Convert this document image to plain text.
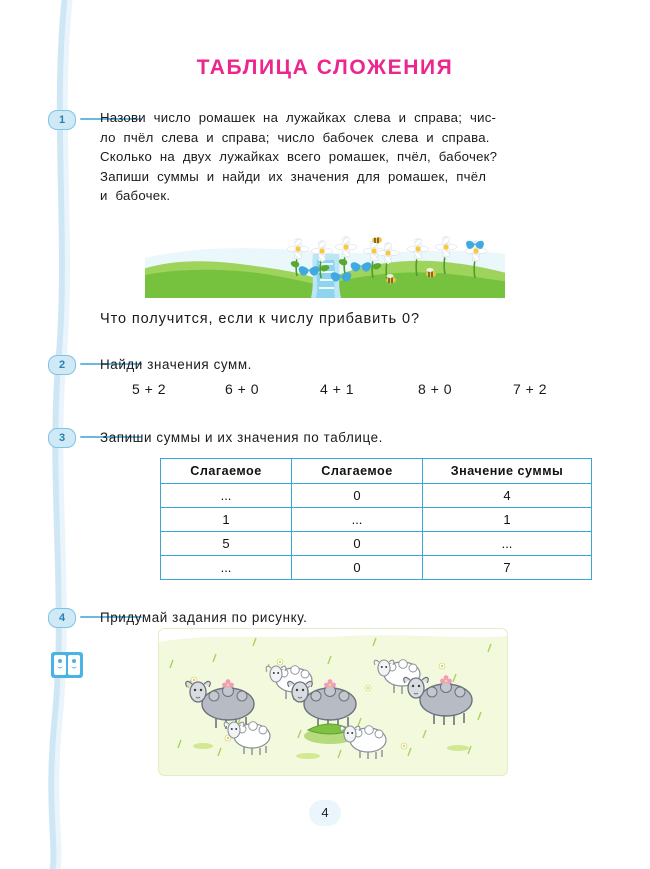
ТАБЛИЦА СЛОЖЕНИЯ
1	Назови  число  ромашек  на  лужайках  слева  и  справа;  чис-
ло  пчёл  слева  и  справа;  число  бабочек  слева  и  справа.
Сколько  на  двух  лужайках  всего  ромашек,  пчёл,  бабочек?
Запиши  суммы  и  найди  их  значения  для  ромашек,  пчёл
и  бабочек.
Что получится, если к числу прибавить 0?
2	Найди значения сумм.
5 + 2	6 + 0	4 + 1	8 + 0	7 + 2
3	Запиши суммы и их значения по таблице.
Слагаемое	Слагаемое	Значение суммы
...	0	4
1	...	1
5	0	...
...	0	7
4	Придумай задания по рисунку.
4
